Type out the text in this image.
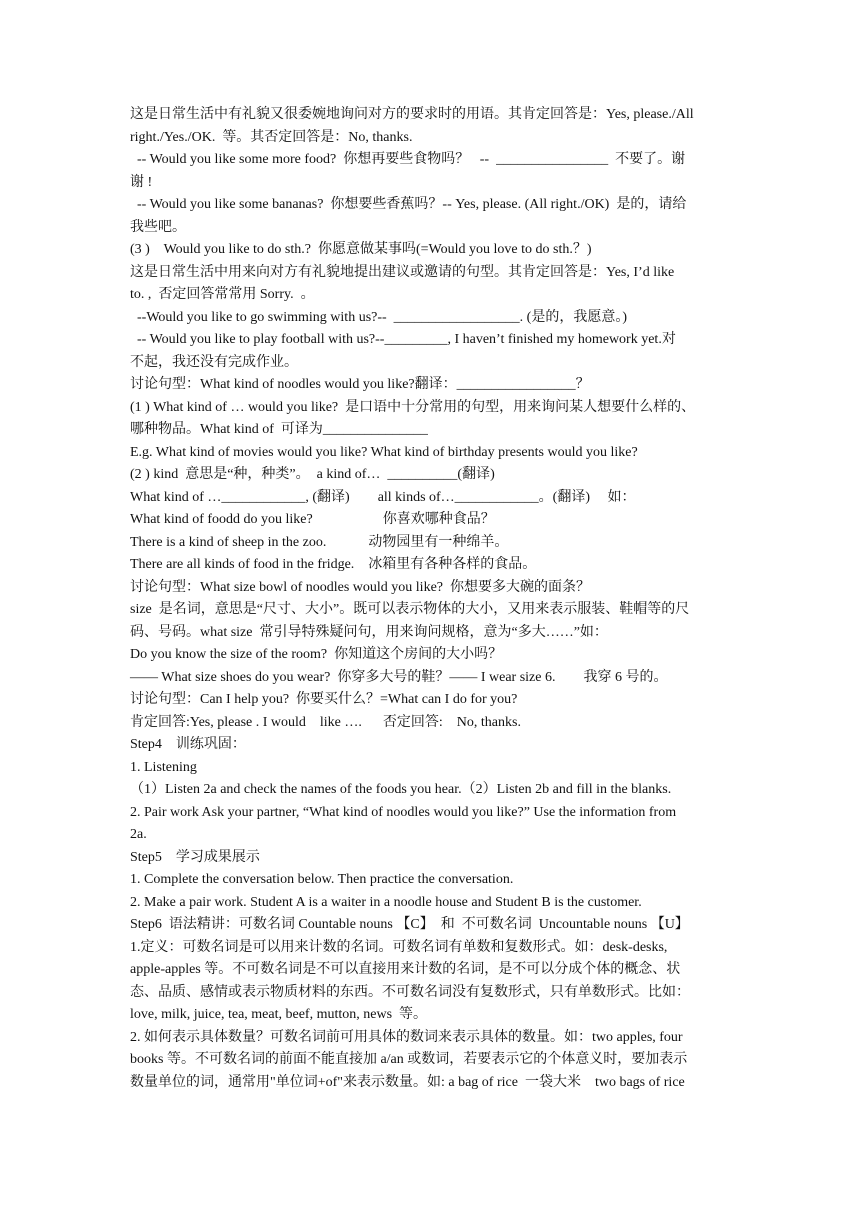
这是日常生活中有礼貌又很委婉地询问对方的要求时的用语。其肯定回答是：Yes, please./All
right./Yes./OK.  等。其否定回答是：No, thanks.
-- Would you like some more food?  你想再要些食物吗？   --  ________________  不要了。谢
谢 !
-- Would you like some bananas?  你想要些香蕉吗？-- Yes, please. (All right./OK)  是的，请给
我些吧。
(3 )    Would you like to do sth.?  你愿意做某事吗(=Would you love to do sth.？)
这是日常生活中用来向对方有礼貌地提出建议或邀请的句型。其肯定回答是：Yes, I’d like
to. ,  否定回答常常用 Sorry.  。
--Would you like to go swimming with us?--  __________________. (是的，我愿意。)
-- Would you like to play football with us?--_________, I haven’t finished my homework yet.对
不起，我还没有完成作业。
讨论句型：What kind of noodles would you like?翻译：_________________？
(1 ) What kind of … would you like?  是口语中十分常用的句型，用来询问某人想要什么样的、
哪种物品。What kind of  可译为_______________
E.g. What kind of movies would you like? What kind of birthday presents would you like?
(2 ) kind  意思是“种，种类”。  a kind of…  __________(翻译)
What kind of …____________, (翻译)        all kinds of…____________。(翻译)     如：
What kind of foodd do you like?                    你喜欢哪种食品？
There is a kind of sheep in the zoo.            动物园里有一种绵羊。
There are all kinds of food in the fridge.    冰箱里有各种各样的食品。
讨论句型：What size bowl of noodles would you like?  你想要多大碗的面条？
size  是名词，意思是“尺寸、大小”。既可以表示物体的大小，又用来表示服装、鞋帽等的尺
码、号码。what size  常引导特殊疑问句，用来询问规格，意为“多大……”如：
Do you know the size of the room?  你知道这个房间的大小吗？
—— What size shoes do you wear?  你穿多大号的鞋？—— I wear size 6.        我穿 6 号的。
讨论句型：Can I help you?  你要买什么？=What can I do for you?
肯定回答:Yes, please . I would    like ….      否定回答:    No, thanks.
Step4    训练巩固：
1. Listening
（1）Listen 2a and check the names of the foods you hear.（2）Listen 2b and fill in the blanks.
2. Pair work Ask your partner, “What kind of noodles would you like?” Use the information from
2a.
Step5    学习成果展示
1. Complete the conversation below. Then practice the conversation.
2. Make a pair work. Student A is a waiter in a noodle house and Student B is the customer.
Step6  语法精讲：可数名词 Countable nouns 【C】  和  不可数名词  Uncountable nouns 【U】
1.定义：可数名词是可以用来计数的名词。可数名词有单数和复数形式。如：desk-desks,
apple-apples 等。不可数名词是不可以直接用来计数的名词，是不可以分成个体的概念、状
态、品质、感情或表示物质材料的东西。不可数名词没有复数形式，只有单数形式。比如：
love, milk, juice, tea, meat, beef, mutton, news  等。
2. 如何表示具体数量？可数名词前可用具体的数词来表示具体的数量。如：two apples, four
books 等。不可数名词的前面不能直接加 a/an 或数词，若要表示它的个体意义时，要加表示
数量单位的词，通常用"单位词+of"来表示数量。如: a bag of rice  一袋大米    two bags of rice
